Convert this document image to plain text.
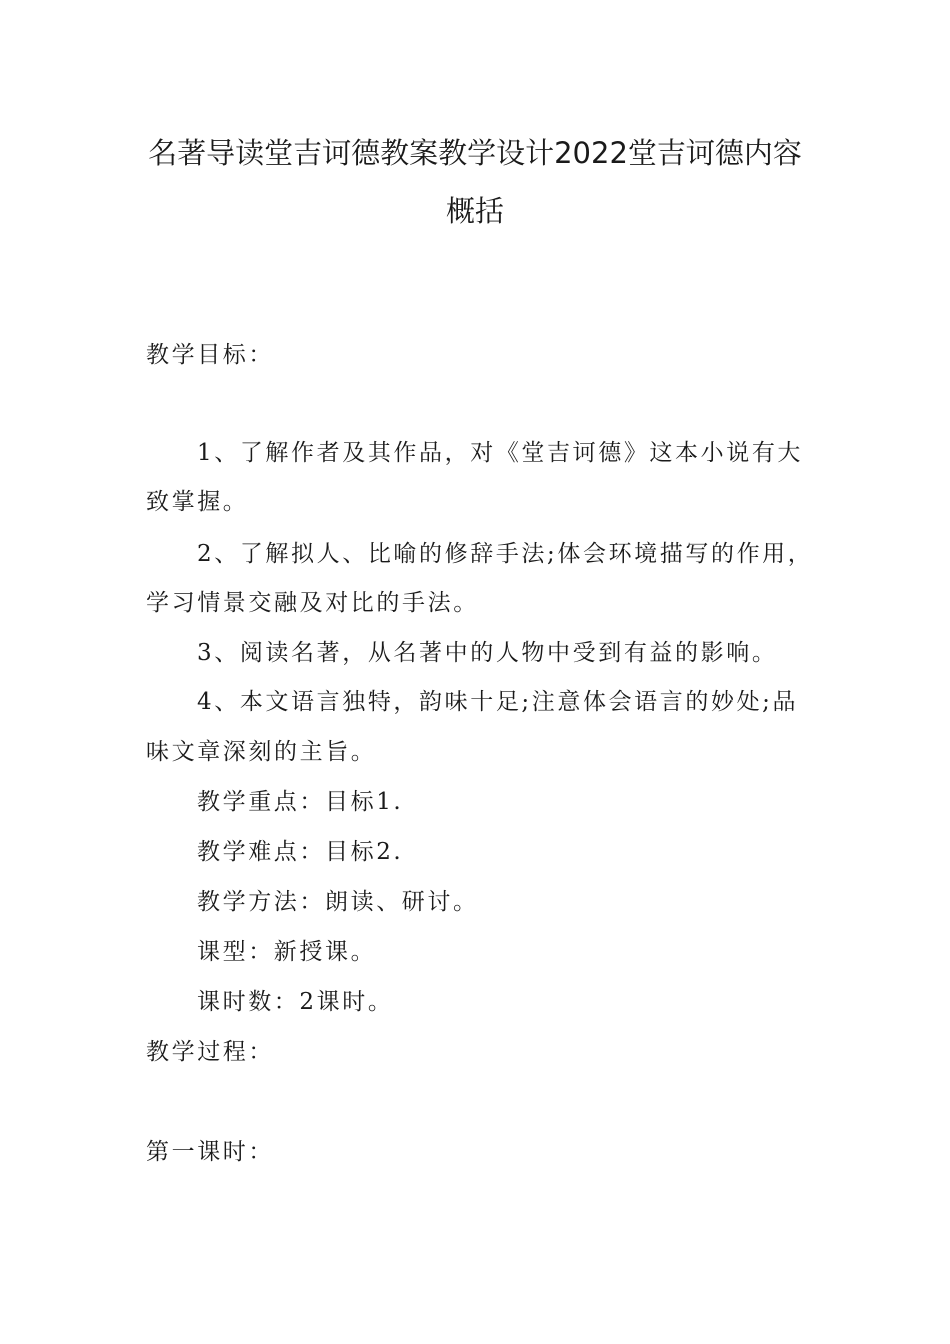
名著导读堂吉诃德教案教学设计2022堂吉诃德内容
概括
教学目标：
1、了解作者及其作品，对《堂吉诃德》这本小说有大
致掌握。
2、了解拟人、比喻的修辞手法;体会环境描写的作用，
学习情景交融及对比的手法。
3、阅读名著，从名著中的人物中受到有益的影响。
4、本文语言独特，韵味十足;注意体会语言的妙处;品
味文章深刻的主旨。
教学重点：目标1.
教学难点：目标2.
教学方法：朗读、研讨。
课型：新授课。
课时数：2课时。
教学过程：
第一课时：
